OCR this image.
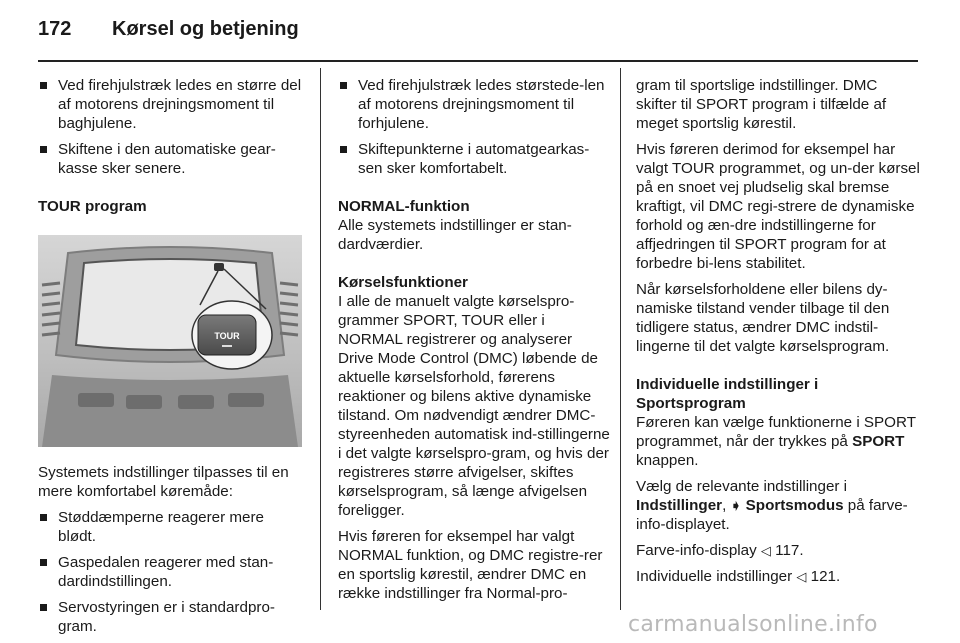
172 Kørsel og betjening
Ved firehjulstræk ledes en større del af motorens drejningsmoment til baghjulene.
Skiftene i den automatiske gear-kasse sker senere.

TOUR program

TOUR

Systemets indstillinger tilpasses til en mere komfortabel køremåde:

Støddæmperne reagerer mere blødt.
Gaspedalen reagerer med stan-dardindstillingen.
Servostyringen er i standardpro-gram.
Ved firehjulstræk ledes størstede-len af motorens drejningsmoment til forhjulene.
Skiftepunkterne i automatgearkas-sen sker komfortabelt.

NORMAL-funktion

Alle systemets indstillinger er stan-dardværdier.

Kørselsfunktioner

I alle de manuelt valgte kørselspro-grammer SPORT, TOUR eller i NORMAL registrerer og analyserer Drive Mode Control (DMC) løbende de aktuelle kørselsforhold, førerens reaktioner og bilens aktive dynamiske tilstand. Om nødvendigt ændrer DMC-styreenheden automatisk ind-stillingerne i det valgte kørselspro-gram, og hvis der registreres større afvigelser, skiftes kørselsprogram, så længe afvigelsen foreligger.

Hvis føreren for eksempel har valgt NORMAL funktion, og DMC registre-rer en sportslig kørestil, ændrer DMC en række indstillinger fra Normal-pro-

gram til sportslige indstillinger. DMC skifter til SPORT program i tilfælde af meget sportslig kørestil.

Hvis føreren derimod for eksempel har valgt TOUR programmet, og un-der kørsel på en snoet vej pludselig skal bremse kraftigt, vil DMC regi-strere de dynamiske forhold og æn-dre indstillingerne for affjedringen til SPORT program for at forbedre bi-lens stabilitet.

Når kørselsforholdene eller bilens dy-namiske tilstand vender tilbage til den tidligere status, ændrer DMC indstil-lingerne til det valgte kørselsprogram.

Individuelle indstillinger i
Sportsprogram

Føreren kan vælge funktionerne i SPORT programmet, når der trykkes på SPORT knappen.

Vælg de relevante indstillinger i Indstillinger, ➧ Sportsmodus på farve-info-displayet.

Farve-info-display ◁ 117.

Individuelle indstillinger ◁ 121.

carmanualsonline.info
